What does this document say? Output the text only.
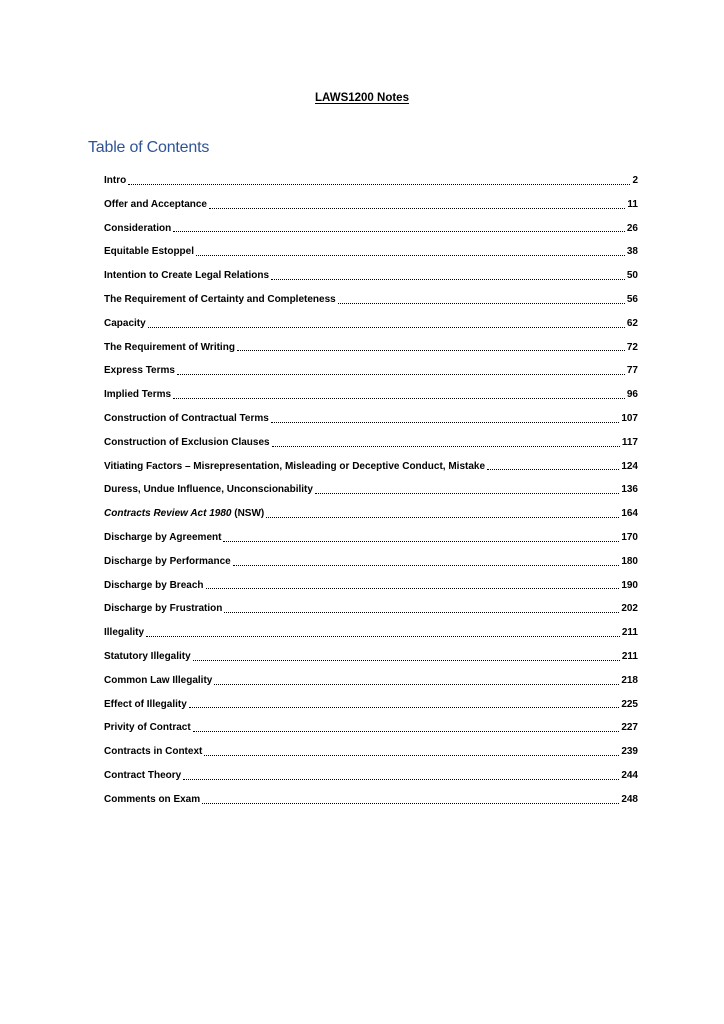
LAWS1200 Notes
Table of Contents
Intro	2
Offer and Acceptance	11
Consideration	26
Equitable Estoppel	38
Intention to Create Legal Relations	50
The Requirement of Certainty and Completeness	56
Capacity	62
The Requirement of Writing	72
Express Terms	77
Implied Terms	96
Construction of Contractual Terms	107
Construction of Exclusion Clauses	117
Vitiating Factors – Misrepresentation, Misleading or Deceptive Conduct, Mistake	124
Duress, Undue Influence, Unconscionability	136
Contracts Review Act 1980 (NSW)	164
Discharge by Agreement	170
Discharge by Performance	180
Discharge by Breach	190
Discharge by Frustration	202
Illegality	211
Statutory Illegality	211
Common Law Illegality	218
Effect of Illegality	225
Privity of Contract	227
Contracts in Context	239
Contract Theory	244
Comments on Exam	248
